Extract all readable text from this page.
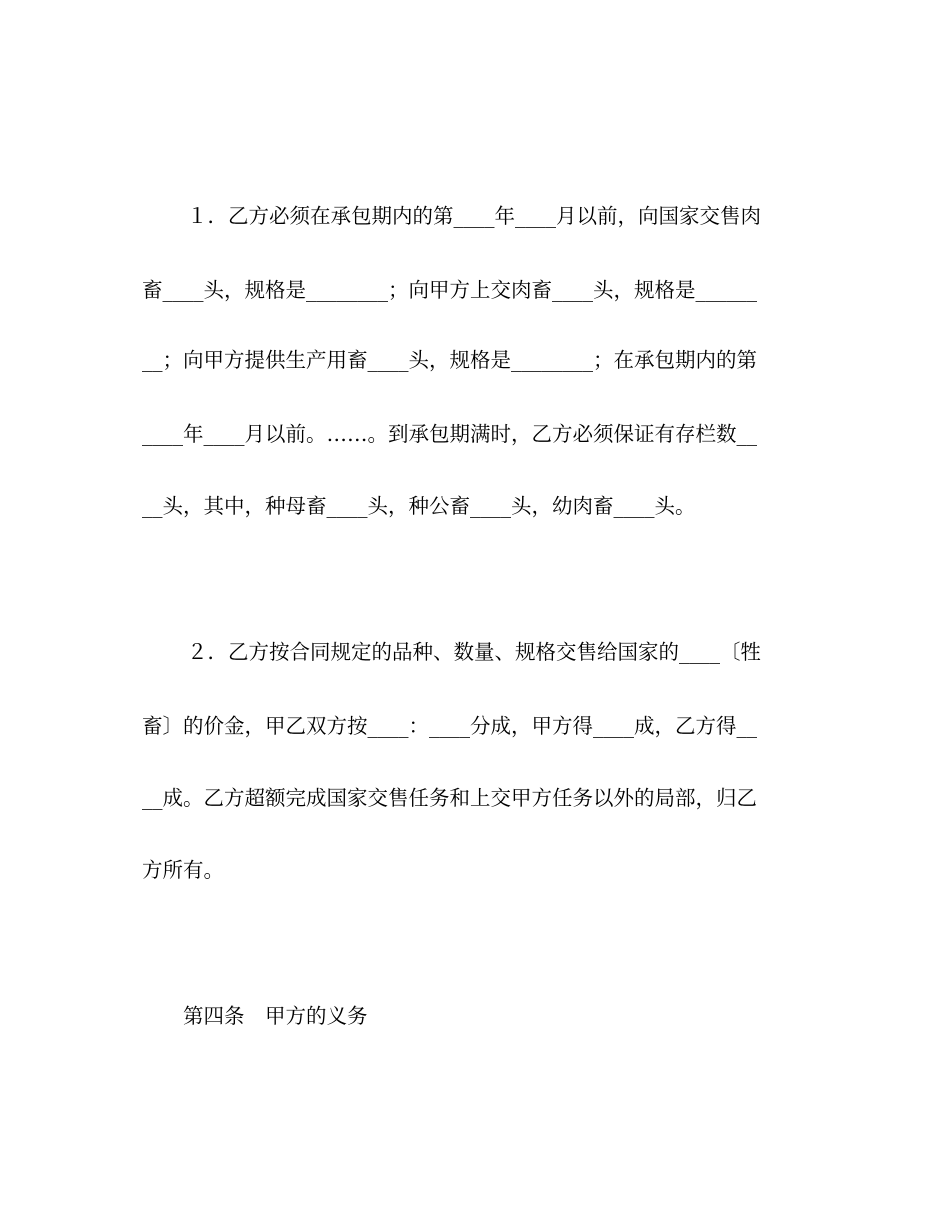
１．乙方必须在承包期内的第____年____月以前，向国家交售肉
畜____头，规格是________；向甲方上交肉畜____头，规格是______
__；向甲方提供生产用畜____头，规格是________；在承包期内的第
____年____月以前。……。到承包期满时，乙方必须保证有存栏数__
__头，其中，种母畜____头，种公畜____头，幼肉畜____头。
２．乙方按合同规定的品种、数量、规格交售给国家的____〔牲
畜〕的价金，甲乙双方按____：____分成，甲方得____成，乙方得__
__成。乙方超额完成国家交售任务和上交甲方任务以外的局部，归乙
方所有。
第四条　甲方的义务
